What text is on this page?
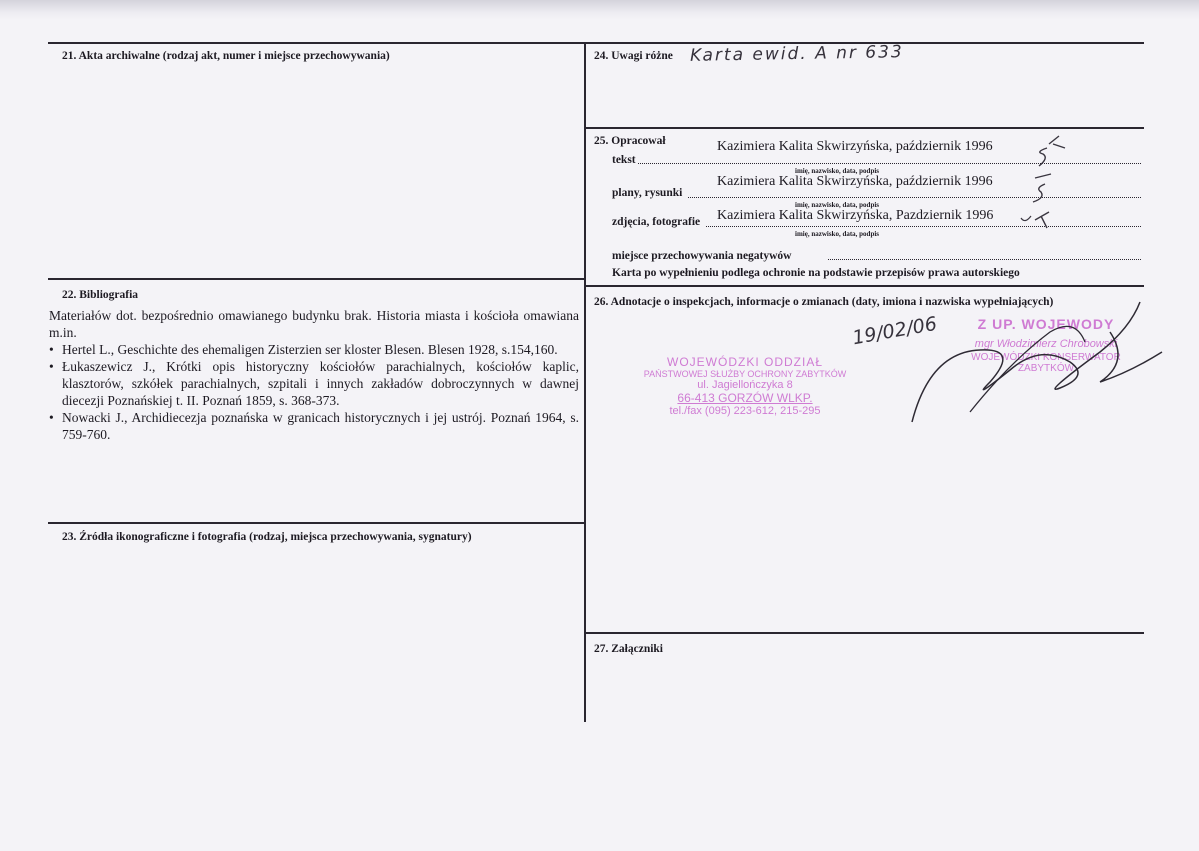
21. Akta archiwalne (rodzaj akt, numer i miejsce przechowywania)
22. Bibliografia
Materiałów dot. bezpośrednio omawianego budynku brak. Historia miasta i kościoła omawiana m.in.
• Hertel L., Geschichte des ehemaligen Zisterzien ser kloster Blesen. Blesen 1928, s.154,160.
• Łukaszewicz J., Krótki opis historyczny kościołów parachialnych, kościołów kaplic, klasztorów, szkółek parachialnych, szpitali i innych zakładów dobroczynnych w dawnej diecezji Poznańskiej t. II. Poznań 1859, s. 368-373.
• Nowacki J., Archidiecezja poznańska w granicach historycznych i jej ustrój. Poznań 1964, s. 759-760.
23. Źródła ikonograficzne i fotografia (rodzaj, miejsca przechowywania, sygnatury)
24. Uwagi różne Karta ewid. A nr 633
25. Opracował
tekst
Kazimiera Kalita Skwirzyńska, październik 1996
imię, nazwisko, data, podpis
plany, rysunki
Kazimiera Kalita Skwirzyńska, październik 1996
imię, nazwisko, data, podpis
zdjęcia, fotografie Kazimiera Kalita Skwirzyńska, Pazdziernik 1996
imię, nazwisko, data, podpis
miejsce przechowywania negatywów
Karta po wypełnieniu podlega ochronie na podstawie przepisów prawa autorskiego
26. Adnotacje o inspekcjach, informacje o zmianach (daty, imiona i nazwiska wypełniających)
19/02/06
WOJEWÓDZKI ODDZIAŁ
PAŃSTWOWEJ SŁUŻBY OCHRONY ZABYTKÓW
ul. Jagiellończyka 8
66-413 GORZÓW WLKP.
tel./fax (095) 223-612, 215-295
Z UP. WOJEWODY
mgr Włodzimierz Chrobowski
WOJEWÓDZKI KONSERWATOR ZABYTKÓW
27. Załączniki
